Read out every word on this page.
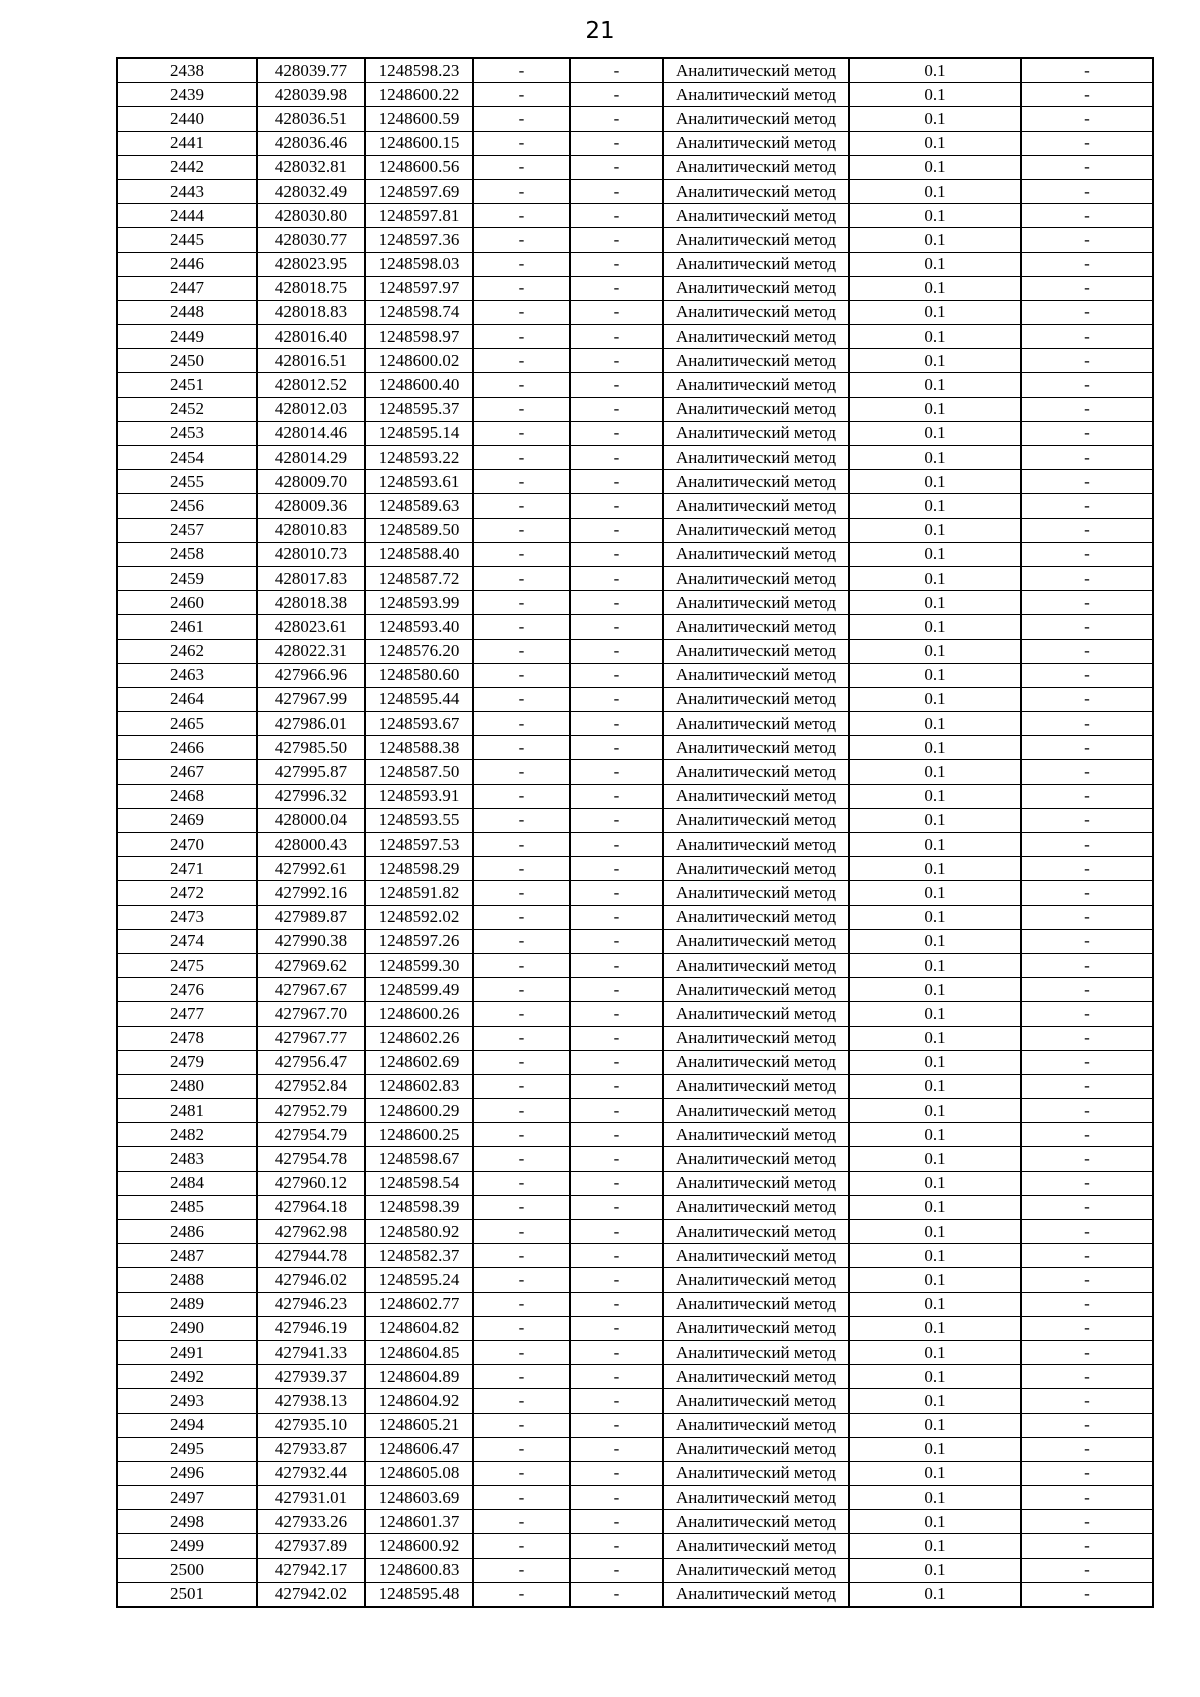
21
2438	428039.77	1248598.23	-	-	Аналитический метод	0.1	-
2439	428039.98	1248600.22	-	-	Аналитический метод	0.1	-
2440	428036.51	1248600.59	-	-	Аналитический метод	0.1	-
2441	428036.46	1248600.15	-	-	Аналитический метод	0.1	-
2442	428032.81	1248600.56	-	-	Аналитический метод	0.1	-
2443	428032.49	1248597.69	-	-	Аналитический метод	0.1	-
2444	428030.80	1248597.81	-	-	Аналитический метод	0.1	-
2445	428030.77	1248597.36	-	-	Аналитический метод	0.1	-
2446	428023.95	1248598.03	-	-	Аналитический метод	0.1	-
2447	428018.75	1248597.97	-	-	Аналитический метод	0.1	-
2448	428018.83	1248598.74	-	-	Аналитический метод	0.1	-
2449	428016.40	1248598.97	-	-	Аналитический метод	0.1	-
2450	428016.51	1248600.02	-	-	Аналитический метод	0.1	-
2451	428012.52	1248600.40	-	-	Аналитический метод	0.1	-
2452	428012.03	1248595.37	-	-	Аналитический метод	0.1	-
2453	428014.46	1248595.14	-	-	Аналитический метод	0.1	-
2454	428014.29	1248593.22	-	-	Аналитический метод	0.1	-
2455	428009.70	1248593.61	-	-	Аналитический метод	0.1	-
2456	428009.36	1248589.63	-	-	Аналитический метод	0.1	-
2457	428010.83	1248589.50	-	-	Аналитический метод	0.1	-
2458	428010.73	1248588.40	-	-	Аналитический метод	0.1	-
2459	428017.83	1248587.72	-	-	Аналитический метод	0.1	-
2460	428018.38	1248593.99	-	-	Аналитический метод	0.1	-
2461	428023.61	1248593.40	-	-	Аналитический метод	0.1	-
2462	428022.31	1248576.20	-	-	Аналитический метод	0.1	-
2463	427966.96	1248580.60	-	-	Аналитический метод	0.1	-
2464	427967.99	1248595.44	-	-	Аналитический метод	0.1	-
2465	427986.01	1248593.67	-	-	Аналитический метод	0.1	-
2466	427985.50	1248588.38	-	-	Аналитический метод	0.1	-
2467	427995.87	1248587.50	-	-	Аналитический метод	0.1	-
2468	427996.32	1248593.91	-	-	Аналитический метод	0.1	-
2469	428000.04	1248593.55	-	-	Аналитический метод	0.1	-
2470	428000.43	1248597.53	-	-	Аналитический метод	0.1	-
2471	427992.61	1248598.29	-	-	Аналитический метод	0.1	-
2472	427992.16	1248591.82	-	-	Аналитический метод	0.1	-
2473	427989.87	1248592.02	-	-	Аналитический метод	0.1	-
2474	427990.38	1248597.26	-	-	Аналитический метод	0.1	-
2475	427969.62	1248599.30	-	-	Аналитический метод	0.1	-
2476	427967.67	1248599.49	-	-	Аналитический метод	0.1	-
2477	427967.70	1248600.26	-	-	Аналитический метод	0.1	-
2478	427967.77	1248602.26	-	-	Аналитический метод	0.1	-
2479	427956.47	1248602.69	-	-	Аналитический метод	0.1	-
2480	427952.84	1248602.83	-	-	Аналитический метод	0.1	-
2481	427952.79	1248600.29	-	-	Аналитический метод	0.1	-
2482	427954.79	1248600.25	-	-	Аналитический метод	0.1	-
2483	427954.78	1248598.67	-	-	Аналитический метод	0.1	-
2484	427960.12	1248598.54	-	-	Аналитический метод	0.1	-
2485	427964.18	1248598.39	-	-	Аналитический метод	0.1	-
2486	427962.98	1248580.92	-	-	Аналитический метод	0.1	-
2487	427944.78	1248582.37	-	-	Аналитический метод	0.1	-
2488	427946.02	1248595.24	-	-	Аналитический метод	0.1	-
2489	427946.23	1248602.77	-	-	Аналитический метод	0.1	-
2490	427946.19	1248604.82	-	-	Аналитический метод	0.1	-
2491	427941.33	1248604.85	-	-	Аналитический метод	0.1	-
2492	427939.37	1248604.89	-	-	Аналитический метод	0.1	-
2493	427938.13	1248604.92	-	-	Аналитический метод	0.1	-
2494	427935.10	1248605.21	-	-	Аналитический метод	0.1	-
2495	427933.87	1248606.47	-	-	Аналитический метод	0.1	-
2496	427932.44	1248605.08	-	-	Аналитический метод	0.1	-
2497	427931.01	1248603.69	-	-	Аналитический метод	0.1	-
2498	427933.26	1248601.37	-	-	Аналитический метод	0.1	-
2499	427937.89	1248600.92	-	-	Аналитический метод	0.1	-
2500	427942.17	1248600.83	-	-	Аналитический метод	0.1	-
2501	427942.02	1248595.48	-	-	Аналитический метод	0.1	-
